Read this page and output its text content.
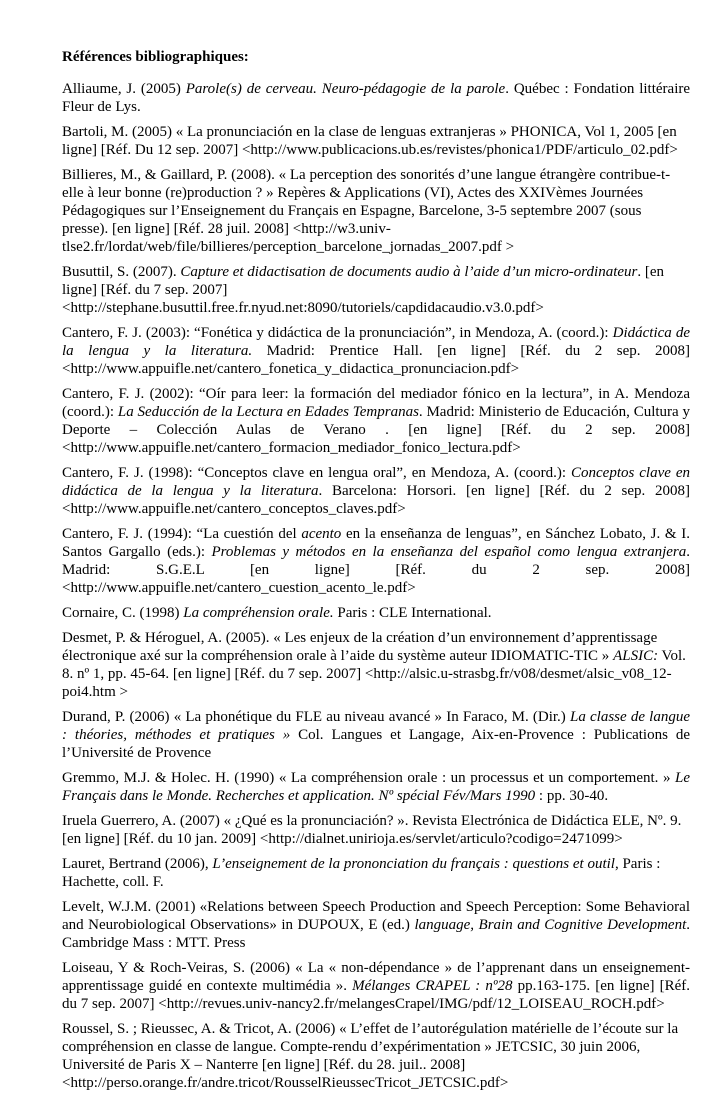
Références bibliographiques:

Alliaume, J. (2005) Parole(s) de cerveau. Neuro-pédagogie de la parole. Québec : Fondation littéraire Fleur de Lys.

Bartoli, M. (2005) « La pronunciación en la clase de lenguas extranjeras » PHONICA, Vol 1, 2005 [en ligne] [Réf. Du 12 sep. 2007] <http://www.publicacions.ub.es/revistes/phonica1/PDF/articulo_02.pdf>

Billieres, M., & Gaillard, P. (2008). « La perception des sonorités d’une langue étrangère contribue-t-elle à leur bonne (re)production ? » Repères & Applications (VI), Actes des XXIVèmes Journées Pédagogiques sur l’Enseignement du Français en Espagne, Barcelone, 3-5 septembre 2007 (sous presse). [en ligne] [Réf. 28 juil. 2008] <http://w3.univ-tlse2.fr/lordat/web/file/billieres/perception_barcelone_jornadas_2007.pdf >

Busuttil, S. (2007). Capture et didactisation de documents audio à l’aide d’un micro-ordinateur. [en ligne] [Réf. du 7 sep. 2007] <http://stephane.busuttil.free.fr.nyud.net:8090/tutoriels/capdidacaudio.v3.0.pdf>

Cantero, F. J. (2003): “Fonética y didáctica de la pronunciación”, in Mendoza, A. (coord.): Didáctica de la lengua y la literatura. Madrid: Prentice Hall. [en ligne] [Réf. du 2 sep. 2008] <http://www.appuifle.net/cantero_fonetica_y_didactica_pronunciacion.pdf>

Cantero, F. J. (2002): “Oír para leer: la formación del mediador fónico en la lectura”, in A. Mendoza (coord.): La Seducción de la Lectura en Edades Tempranas. Madrid: Ministerio de Educación, Cultura y Deporte – Colección Aulas de Verano . [en ligne] [Réf. du 2 sep. 2008] <http://www.appuifle.net/cantero_formacion_mediador_fonico_lectura.pdf>

Cantero, F. J. (1998): “Conceptos clave en lengua oral”, en Mendoza, A. (coord.): Conceptos clave en didáctica de la lengua y la literatura. Barcelona: Horsori. [en ligne] [Réf. du 2 sep. 2008] <http://www.appuifle.net/cantero_conceptos_claves.pdf>

Cantero, F. J. (1994): “La cuestión del acento en la enseñanza de lenguas”, en Sánchez Lobato, J. & I. Santos Gargallo (eds.): Problemas y métodos en la enseñanza del español como lengua extranjera. Madrid: S.G.E.L [en ligne] [Réf. du 2 sep. 2008] <http://www.appuifle.net/cantero_cuestion_acento_le.pdf>

Cornaire, C. (1998) La compréhension orale. Paris : CLE International.

Desmet, P. & Héroguel, A. (2005). « Les enjeux de la création d’un environnement d’apprentissage électronique axé sur la compréhension orale à l’aide du système auteur IDIOMATIC-TIC » ALSIC: Vol. 8. nº 1, pp. 45-64. [en ligne] [Réf. du 7 sep. 2007] <http://alsic.u-strasbg.fr/v08/desmet/alsic_v08_12-poi4.htm >

Durand, P. (2006) « La phonétique du FLE au niveau avancé » In Faraco, M. (Dir.) La classe de langue : théories, méthodes et pratiques » Col. Langues et Langage, Aix-en-Provence : Publications de l’Université de Provence

Gremmo, M.J. & Holec. H. (1990) « La compréhension orale : un processus et un comportement. » Le Français dans le Monde. Recherches et application. Nº spécial Fév/Mars 1990 : pp. 30-40.

Iruela Guerrero, A. (2007) « ¿Qué es la pronunciación? ». Revista Electrónica de Didáctica ELE, Nº. 9. [en ligne] [Réf. du 10 jan. 2009] <http://dialnet.unirioja.es/servlet/articulo?codigo=2471099>

Lauret, Bertrand (2006), L’enseignement de la prononciation du français : questions et outil, Paris : Hachette, coll. F.

Levelt, W.J.M. (2001) «Relations between Speech Production and Speech Perception: Some Behavioral and Neurobiological Observations» in DUPOUX, E (ed.) language, Brain and Cognitive Development. Cambridge Mass : MTT. Press

Loiseau, Y & Roch-Veiras, S. (2006) « La « non-dépendance » de l’apprenant dans un enseignement-apprentissage guidé en contexte multimédia ». Mélanges CRAPEL : nº28 pp.163-175. [en ligne] [Réf. du 7 sep. 2007] <http://revues.univ-nancy2.fr/melangesCrapel/IMG/pdf/12_LOISEAU_ROCH.pdf>

Roussel, S. ; Rieussec, A. & Tricot, A. (2006) « L’effet de l’autorégulation matérielle de l’écoute sur la compréhension en classe de langue. Compte-rendu d’expérimentation » JETCSIC, 30 juin 2006, Université de Paris X – Nanterre [en ligne] [Réf. du 28. juil.. 2008] <http://perso.orange.fr/andre.tricot/RousselRieussecTricot_JETCSIC.pdf>
